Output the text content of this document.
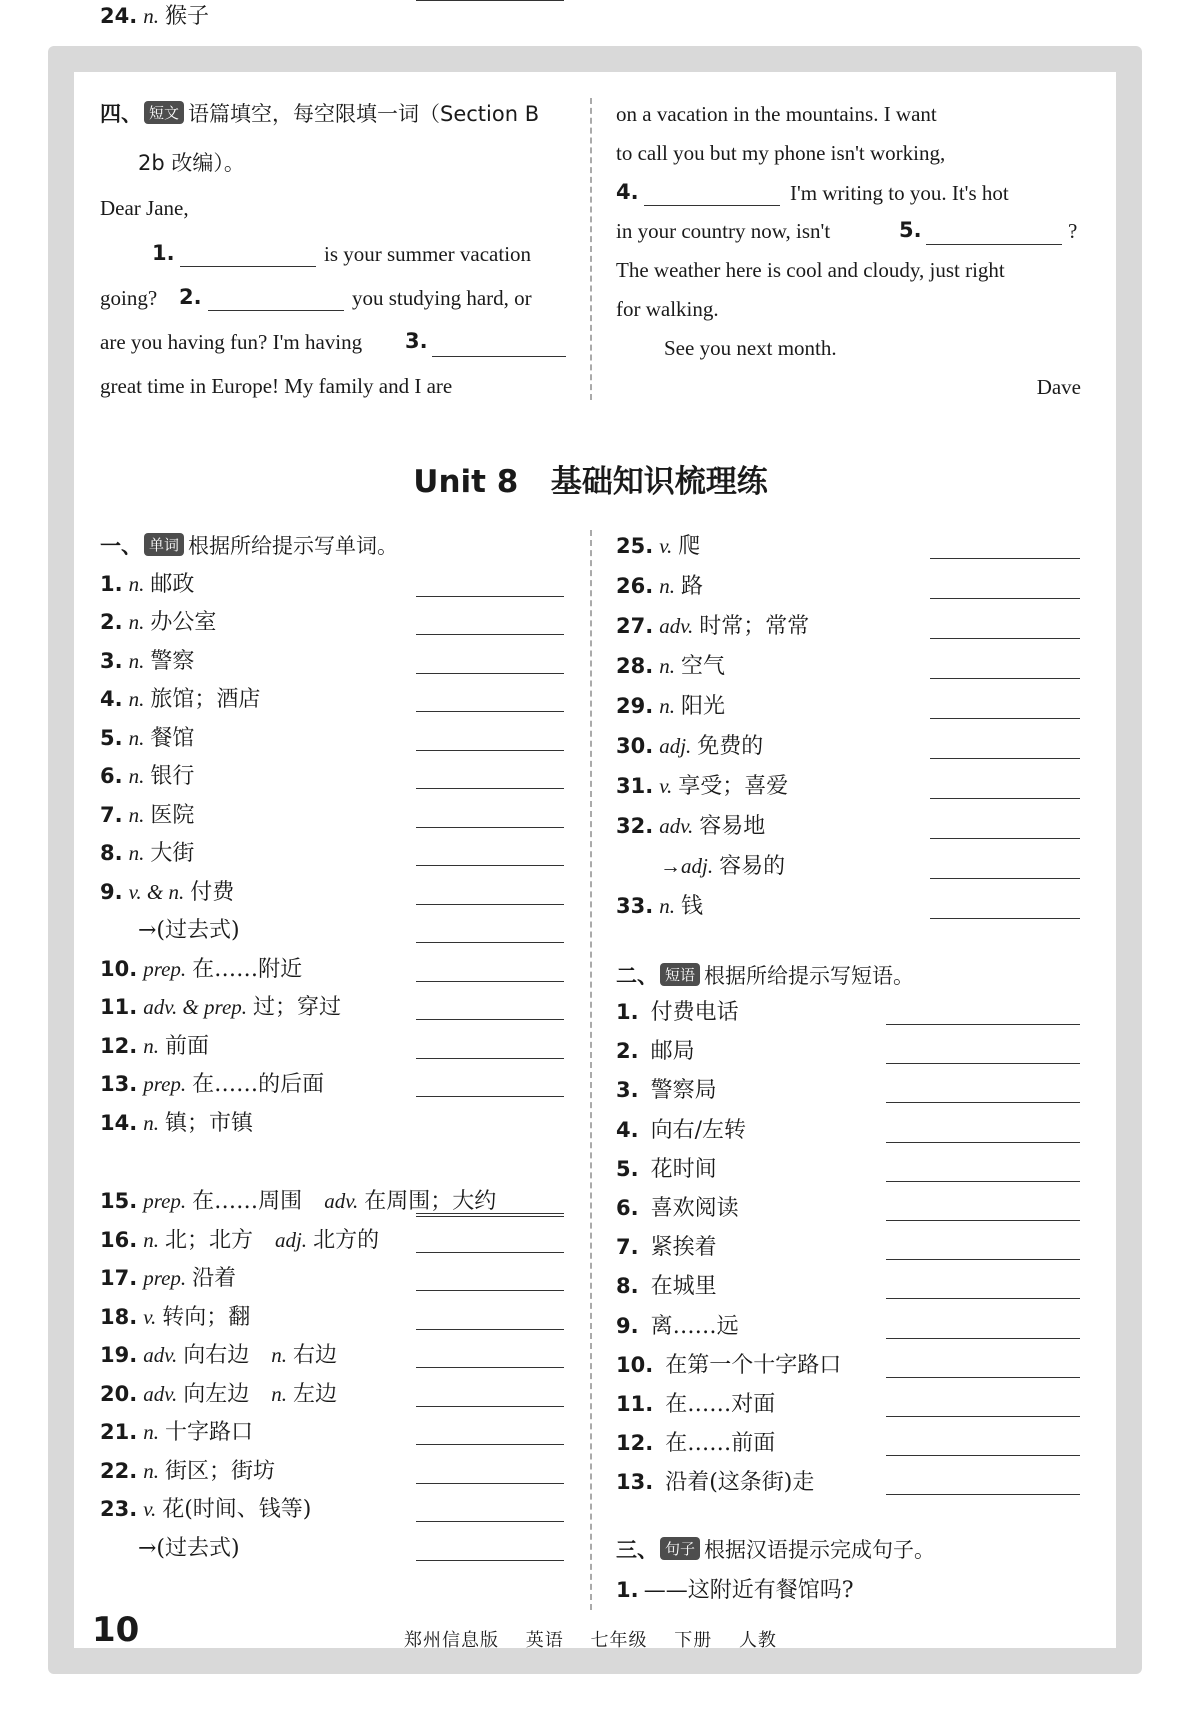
四、 短文 语篇填空，每空限填一词（Section B
2b 改编）。
Dear Jane,
1.	is your summer vacation
going? 2.	you studying hard, or
are you having fun? I'm having 3.
great time in Europe! My family and I are
on a vacation in the mountains. I want
to call you but my phone isn't working,
4.	I'm writing to you. It's hot
in your country now, isn't	5.	?
The weather here is cool and cloudy, just right
for walking.
See you next month.
Dave
Unit 8   基础知识梳理练
一、 单词 根据所给提示写单词。
1. n. 邮政
2. n. 办公室
3. n. 警察
4. n. 旅馆；酒店
5. n. 餐馆
6. n. 银行
7. n. 医院
8. n. 大街
9. v. & n. 付费
→(过去式)
10. prep. 在……附近
11. adv. & prep. 过；穿过
12. n. 前面
13. prep. 在……的后面
14. n. 镇；市镇
15. prep. 在……周围 adv. 在周围；大约
16. n. 北；北方 adj. 北方的
17. prep. 沿着
18. v. 转向；翻
19. adv. 向右边 n. 右边
20. adv. 向左边 n. 左边
21. n. 十字路口
22. n. 街区；街坊
23. v. 花(时间、钱等)
→(过去式)
24. n. 猴子
25. v. 爬
26. n. 路
27. adv. 时常；常常
28. n. 空气
29. n. 阳光
30. adj. 免费的
31. v. 享受；喜爱
32. adv. 容易地
→adj. 容易的
33. n. 钱
二、 短语 根据所给提示写短语。
1. 付费电话
2. 邮局
3. 警察局
4. 向右/左转
5. 花时间
6. 喜欢阅读
7. 紧挨着
8. 在城里
9. 离……远
10. 在第一个十字路口
11. 在……对面
12. 在……前面
13. 沿着(这条街)走
三、 句子 根据汉语提示完成句子。
1. ——这附近有餐馆吗?
10	郑州信息版 英语 七年级 下册 人教
